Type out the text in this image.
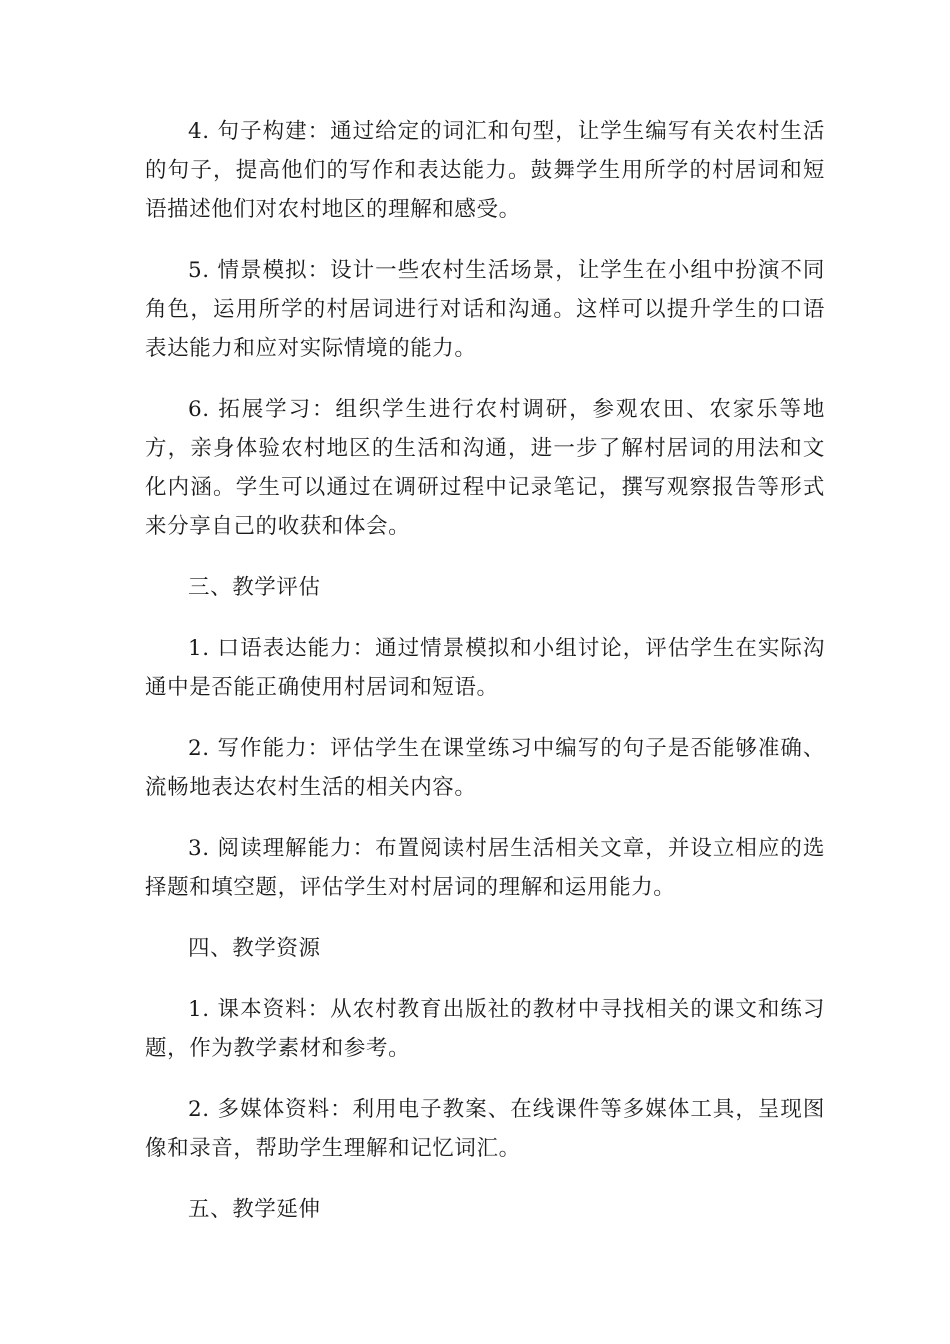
4. 句子构建：通过给定的词汇和句型，让学生编写有关农村生活的句子，提高他们的写作和表达能力。鼓舞学生用所学的村居词和短语描述他们对农村地区的理解和感受。

5. 情景模拟：设计一些农村生活场景，让学生在小组中扮演不同角色，运用所学的村居词进行对话和沟通。这样可以提升学生的口语表达能力和应对实际情境的能力。

6. 拓展学习：组织学生进行农村调研，参观农田、农家乐等地方，亲身体验农村地区的生活和沟通，进一步了解村居词的用法和文化内涵。学生可以通过在调研过程中记录笔记，撰写观察报告等形式来分享自己的收获和体会。

三、教学评估

1. 口语表达能力：通过情景模拟和小组讨论，评估学生在实际沟通中是否能正确使用村居词和短语。

2. 写作能力：评估学生在课堂练习中编写的句子是否能够准确、流畅地表达农村生活的相关内容。

3. 阅读理解能力：布置阅读村居生活相关文章，并设立相应的选择题和填空题，评估学生对村居词的理解和运用能力。

四、教学资源

1. 课本资料：从农村教育出版社的教材中寻找相关的课文和练习题，作为教学素材和参考。

2. 多媒体资料：利用电子教案、在线课件等多媒体工具，呈现图像和录音，帮助学生理解和记忆词汇。

五、教学延伸
